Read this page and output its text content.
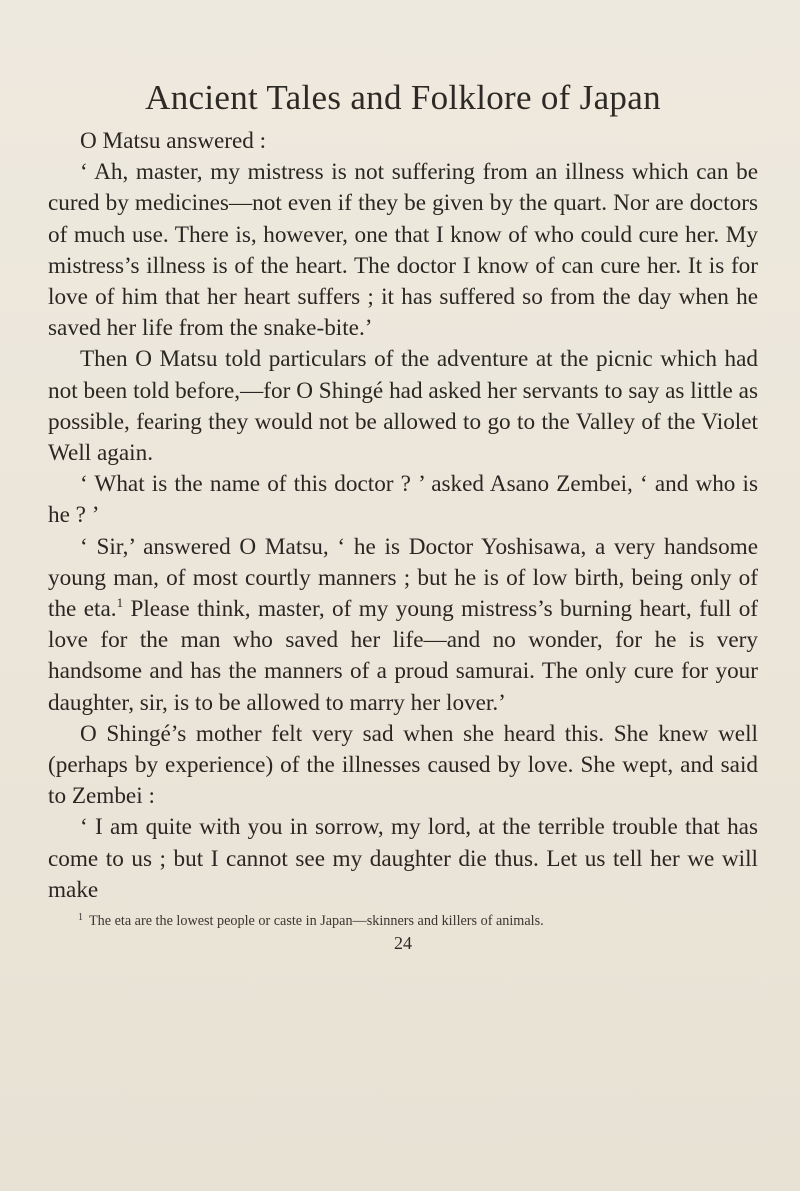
Ancient Tales and Folklore of Japan

O Matsu answered :

‘ Ah, master, my mistress is not suffering from an illness which can be cured by medicines—not even if they be given by the quart. Nor are doctors of much use. There is, however, one that I know of who could cure her. My mistress’s illness is of the heart. The doctor I know of can cure her. It is for love of him that her heart suffers ; it has suffered so from the day when he saved her life from the snake-bite.’

Then O Matsu told particulars of the adventure at the picnic which had not been told before,—for O Shingé had asked her servants to say as little as possible, fearing they would not be allowed to go to the Valley of the Violet Well again.

‘ What is the name of this doctor ? ’ asked Asano Zembei, ‘ and who is he ? ’

‘ Sir,’ answered O Matsu, ‘ he is Doctor Yoshisawa, a very handsome young man, of most courtly manners ; but he is of low birth, being only of the eta.$^1$ Please think, master, of my young mistress’s burning heart, full of love for the man who saved her life—and no wonder, for he is very handsome and has the manners of a proud samurai. The only cure for your daughter, sir, is to be allowed to marry her lover.’

O Shingé’s mother felt very sad when she heard this. She knew well (perhaps by experience) of the illnesses caused by love. She wept, and said to Zembei :

‘ I am quite with you in sorrow, my lord, at the terrible trouble that has come to us ; but I cannot see my daughter die thus. Let us tell her we will make

$^1$ The eta are the lowest people or caste in Japan—skinners and killers of animals.
24
